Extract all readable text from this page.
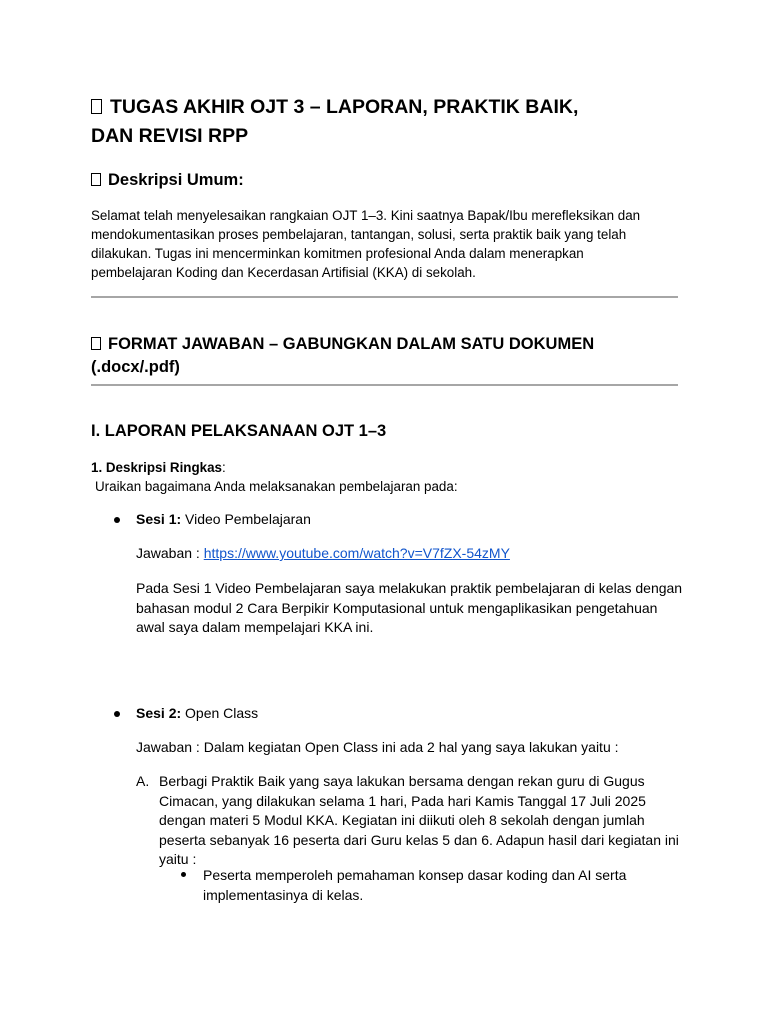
TUGAS AKHIR OJT 3 – LAPORAN, PRAKTIK BAIK,
DAN REVISI RPP
Deskripsi Umum:
Selamat telah menyelesaikan rangkaian OJT 1–3. Kini saatnya Bapak/Ibu merefleksikan dan
mendokumentasikan proses pembelajaran, tantangan, solusi, serta praktik baik yang telah
dilakukan. Tugas ini mencerminkan komitmen profesional Anda dalam menerapkan
pembelajaran Koding dan Kecerdasan Artifisial (KKA) di sekolah.
FORMAT JAWABAN – GABUNGKAN DALAM SATU DOKUMEN
(.docx/.pdf)
I. LAPORAN PELAKSANAAN OJT 1–3
1. Deskripsi Ringkas:
Uraikan bagaimana Anda melaksanakan pembelajaran pada:
Sesi 1: Video Pembelajaran
Jawaban : https://www.youtube.com/watch?v=V7fZX-54zMY
Pada Sesi 1 Video Pembelajaran saya melakukan praktik pembelajaran di kelas dengan
bahasan modul 2 Cara Berpikir Komputasional untuk mengaplikasikan pengetahuan
awal saya dalam mempelajari KKA ini.
Sesi 2: Open Class
Jawaban : Dalam kegiatan Open Class ini ada 2 hal yang saya lakukan yaitu :
A. Berbagi Praktik Baik yang saya lakukan bersama dengan rekan guru di Gugus
Cimacan, yang dilakukan selama 1 hari, Pada hari Kamis Tanggal 17 Juli 2025
dengan materi 5 Modul KKA. Kegiatan ini diikuti oleh 8 sekolah dengan jumlah
peserta sebanyak 16 peserta dari Guru kelas 5 dan 6. Adapun hasil dari kegiatan ini
yaitu :
Peserta memperoleh pemahaman konsep dasar koding dan AI serta
implementasinya di kelas.
